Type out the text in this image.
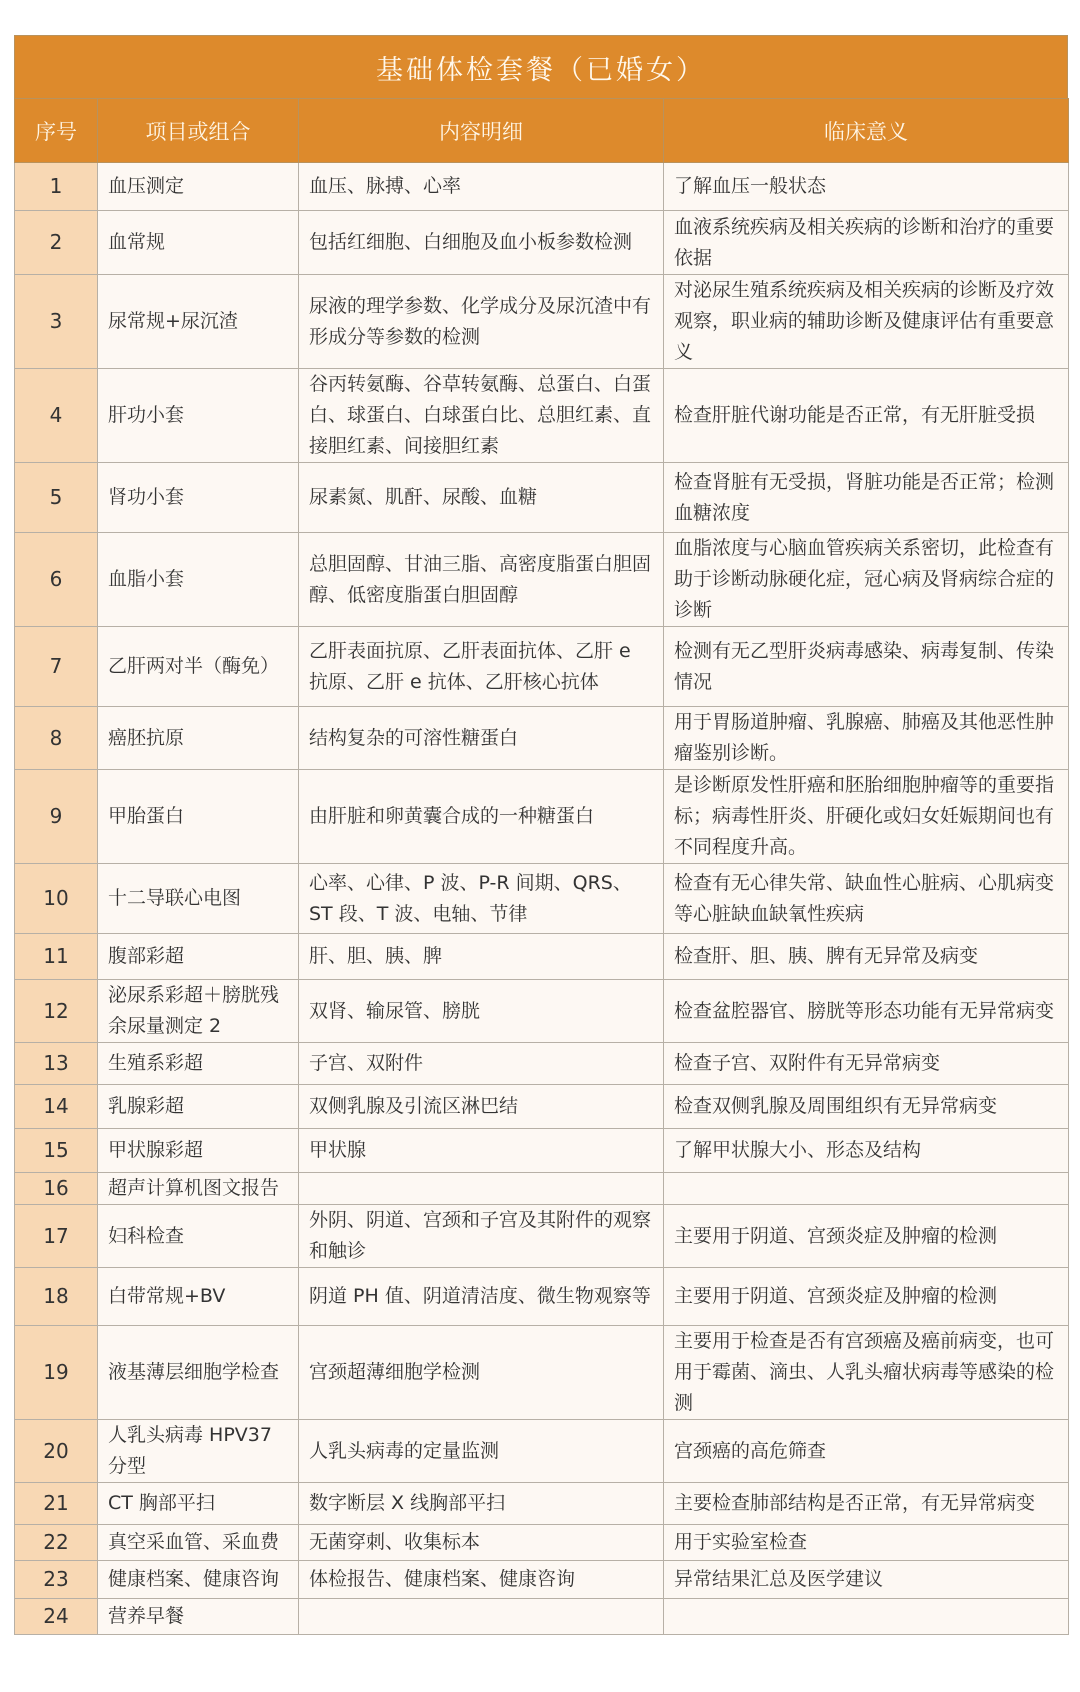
基础体检套餐（已婚女）
序号	项目或组合	内容明细	临床意义
1	血压测定	血压、脉搏、心率	了解血压一般状态
2	血常规	包括红细胞、白细胞及血小板参数检测	血液系统疾病及相关疾病的诊断和治疗的重要依据
3	尿常规+尿沉渣	尿液的理学参数、化学成分及尿沉渣中有形成分等参数的检测	对泌尿生殖系统疾病及相关疾病的诊断及疗效观察，职业病的辅助诊断及健康评估有重要意义
4	肝功小套	谷丙转氨酶、谷草转氨酶、总蛋白、白蛋白、球蛋白、白球蛋白比、总胆红素、直接胆红素、间接胆红素	检查肝脏代谢功能是否正常，有无肝脏受损
5	肾功小套	尿素氮、肌酐、尿酸、血糖	检查肾脏有无受损，肾脏功能是否正常；检测血糖浓度
6	血脂小套	总胆固醇、甘油三脂、高密度脂蛋白胆固醇、低密度脂蛋白胆固醇	血脂浓度与心脑血管疾病关系密切，此检查有助于诊断动脉硬化症，冠心病及肾病综合症的诊断
7	乙肝两对半（酶免）	乙肝表面抗原、乙肝表面抗体、乙肝 e 抗原、乙肝 e 抗体、乙肝核心抗体	检测有无乙型肝炎病毒感染、病毒复制、传染情况
8	癌胚抗原	结构复杂的可溶性糖蛋白	用于胃肠道肿瘤、乳腺癌、肺癌及其他恶性肿瘤鉴别诊断。
9	甲胎蛋白	由肝脏和卵黄囊合成的一种糖蛋白	是诊断原发性肝癌和胚胎细胞肿瘤等的重要指标；病毒性肝炎、肝硬化或妇女妊娠期间也有不同程度升高。
10	十二导联心电图	心率、心律、P 波、P-R 间期、QRS、ST 段、T 波、电轴、节律	检查有无心律失常、缺血性心脏病、心肌病变等心脏缺血缺氧性疾病
11	腹部彩超	肝、胆、胰、脾	检查肝、胆、胰、脾有无异常及病变
12	泌尿系彩超＋膀胱残余尿量测定 2	双肾、输尿管、膀胱	检查盆腔器官、膀胱等形态功能有无异常病变
13	生殖系彩超	子宫、双附件	检查子宫、双附件有无异常病变
14	乳腺彩超	双侧乳腺及引流区淋巴结	检查双侧乳腺及周围组织有无异常病变
15	甲状腺彩超	甲状腺	了解甲状腺大小、形态及结构
16	超声计算机图文报告		
17	妇科检查	外阴、阴道、宫颈和子宫及其附件的观察和触诊	主要用于阴道、宫颈炎症及肿瘤的检测
18	白带常规+BV	阴道 PH 值、阴道清洁度、微生物观察等	主要用于阴道、宫颈炎症及肿瘤的检测
19	液基薄层细胞学检查	宫颈超薄细胞学检测	主要用于检查是否有宫颈癌及癌前病变，也可用于霉菌、滴虫、人乳头瘤状病毒等感染的检测
20	人乳头病毒 HPV37 分型	人乳头病毒的定量监测	宫颈癌的高危筛查
21	CT 胸部平扫	数字断层 X 线胸部平扫	主要检查肺部结构是否正常，有无异常病变
22	真空采血管、采血费	无菌穿刺、收集标本	用于实验室检查
23	健康档案、健康咨询	体检报告、健康档案、健康咨询	异常结果汇总及医学建议
24	营养早餐		
